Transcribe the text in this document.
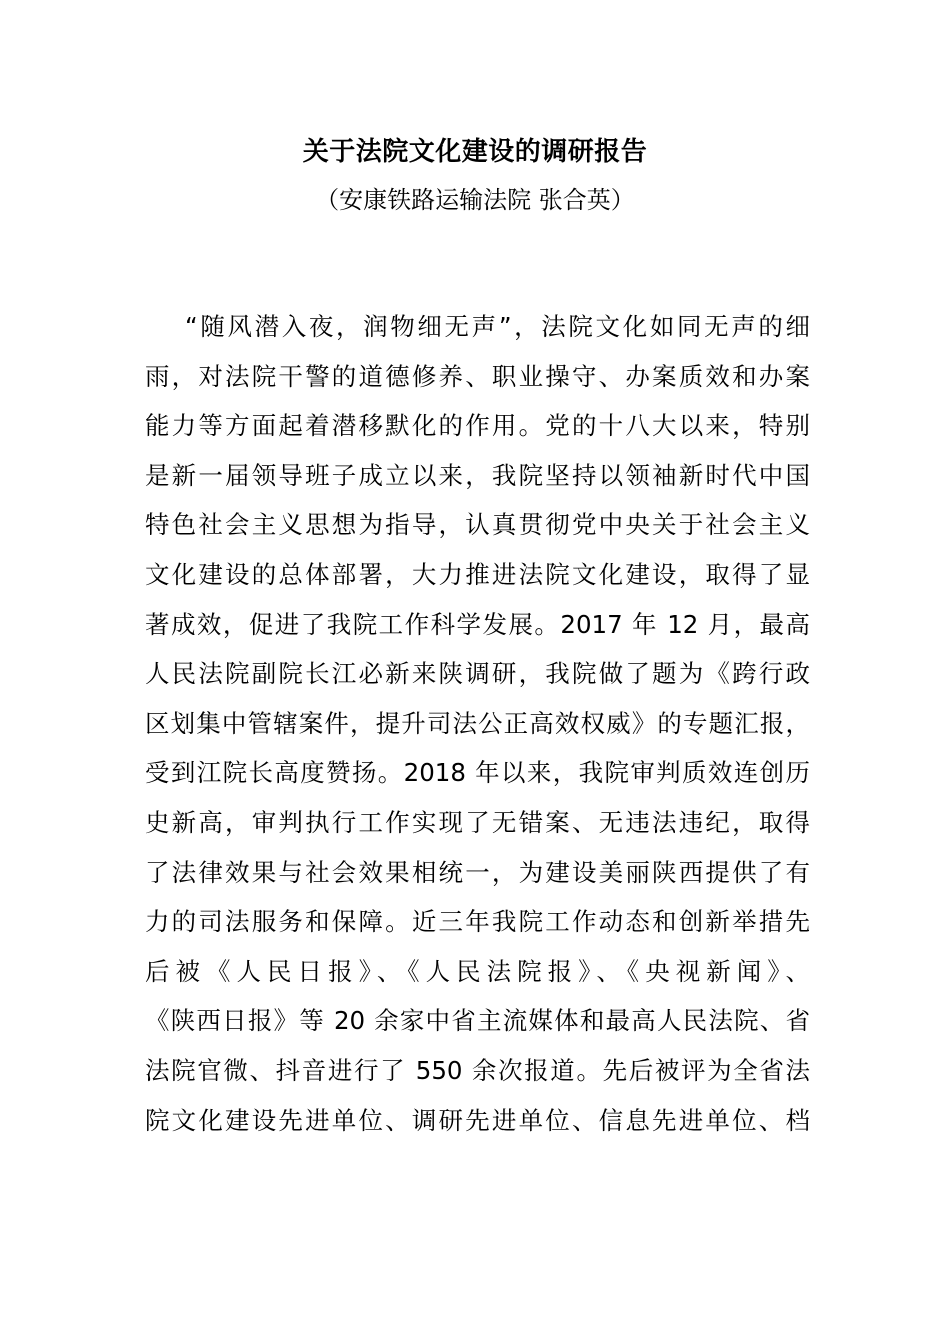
关于法院文化建设的调研报告
（安康铁路运输法院 张合英）
“随风潜入夜，润物细无声”，法院文化如同无声的细
雨，对法院干警的道德修养、职业操守、办案质效和办案
能力等方面起着潜移默化的作用。党的十八大以来，特别
是新一届领导班子成立以来，我院坚持以领袖新时代中国
特色社会主义思想为指导，认真贯彻党中央关于社会主义
文化建设的总体部署，大力推进法院文化建设，取得了显
著成效，促进了我院工作科学发展。2017 年 12 月，最高
人民法院副院长江必新来陕调研，我院做了题为《跨行政
区划集中管辖案件，提升司法公正高效权威》的专题汇报，
受到江院长高度赞扬。2018 年以来，我院审判质效连创历
史新高，审判执行工作实现了无错案、无违法违纪，取得
了法律效果与社会效果相统一，为建设美丽陕西提供了有
力的司法服务和保障。近三年我院工作动态和创新举措先
后被《人民日报》、《人民法院报》、《央视新闻》、
《陕西日报》等 20 余家中省主流媒体和最高人民法院、省
法院官微、抖音进行了 550 余次报道。先后被评为全省法
院文化建设先进单位、调研先进单位、信息先进单位、档
